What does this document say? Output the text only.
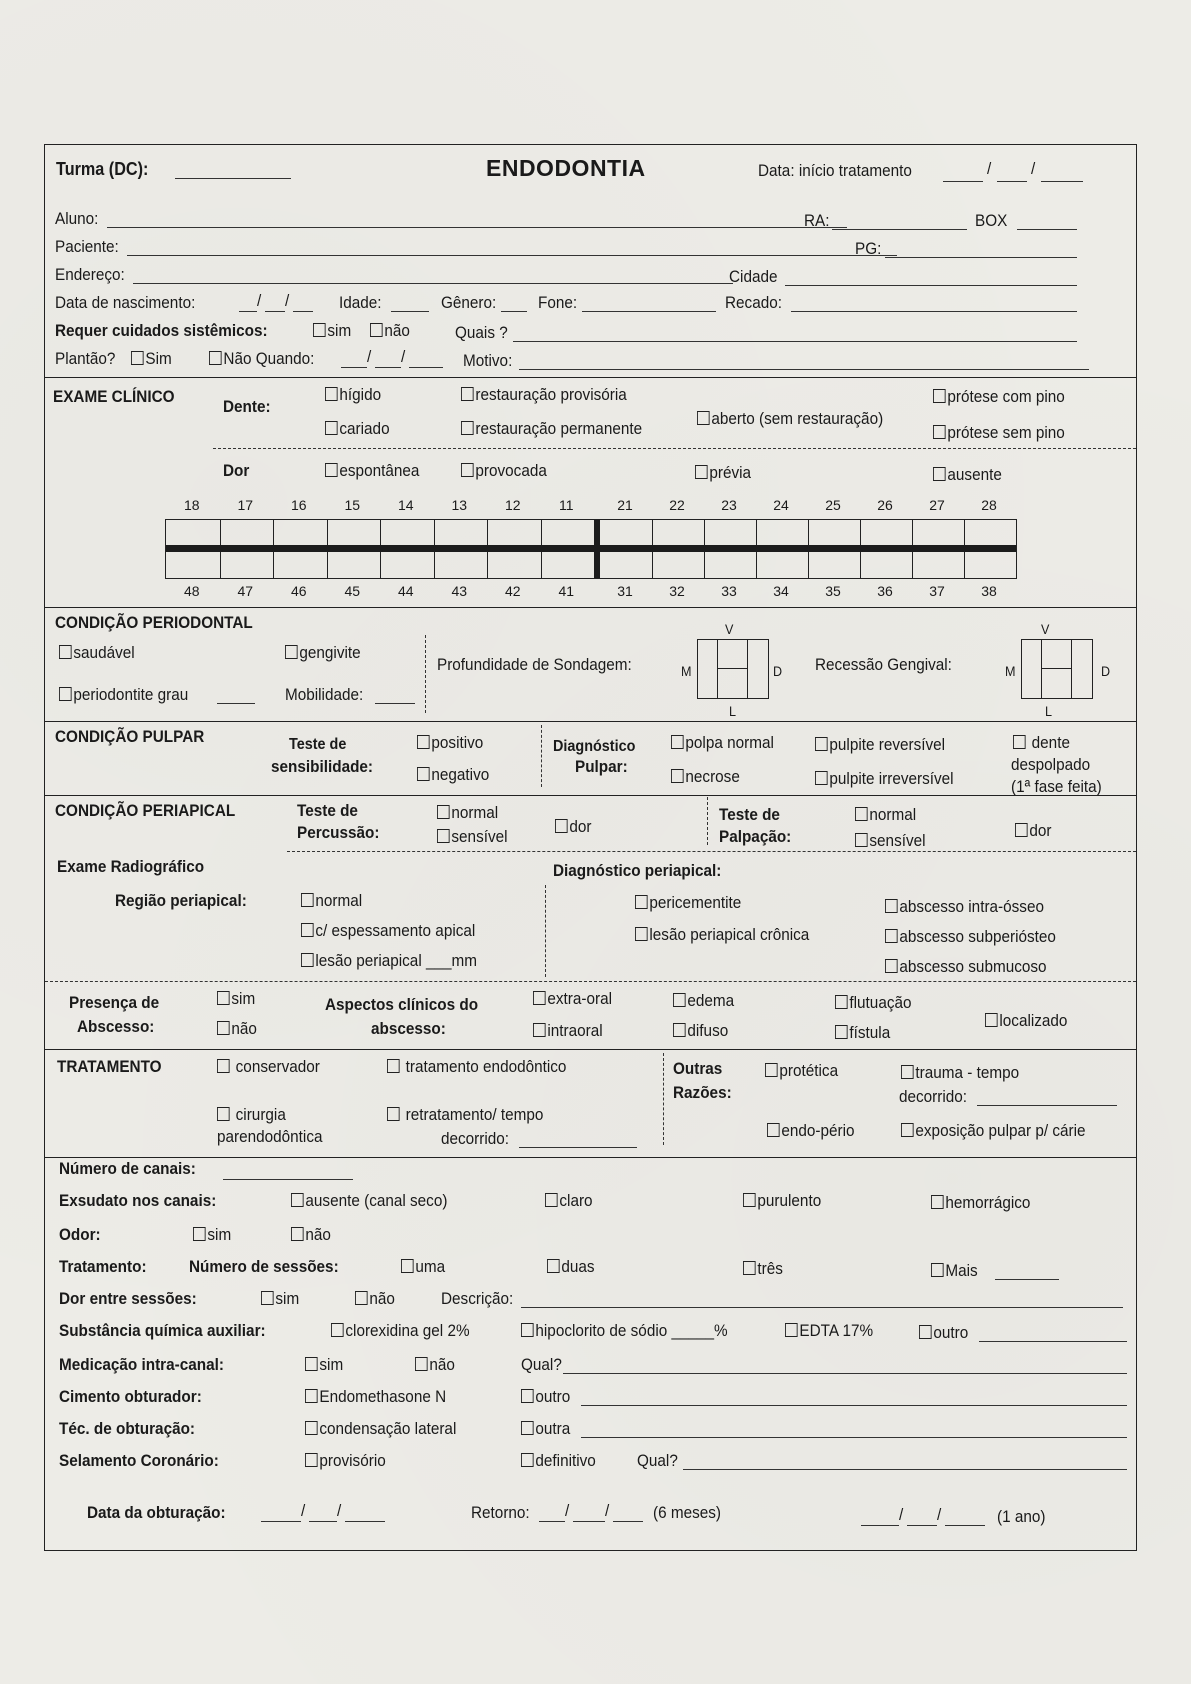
Turma (DC):	ENDODONTIA	Data: início tratamento	/ /
Aluno:	RA:	BOX
Paciente:	PG:
Endereço:	Cidade
Data de nascimento:	/ /	Idade:	Gênero: Fone:	Recado:
Requer cuidados sistêmicos:	sim	não	Quais ?
Plantão?	Sim	Não Quando:	/ /	Motivo:
EXAME CLÍNICO
Dente:
hígido
cariado
restauração provisória
restauração permanente
aberto (sem restauração)
prótese com pino
prótese sem pino
Dor	espontânea	provocada	prévia	ausente
18	17	16	15	14	13	12	11	21	22	23	24	25	26	27	28
48	47	46	45	44	43	42	41	31	32	33	34	35	36	37	38
CONDIÇÃO PERIODONTAL
saudável	gengivite
periodontite grau	Mobilidade:
Profundidade de Sondagem:
V
M	D
L
Recessão Gengival:
V
M	D
L
CONDIÇÃO PULPAR	Teste de
sensibilidade:
positivo
negativo
Diagnóstico
Pulpar:
polpa normal
necrose
pulpite reversível
pulpite irreversível
dente
despolpado
(1ª fase feita)
CONDIÇÃO PERIAPICAL	Teste de
Percussão:
normal
sensível
dor
Teste de
Palpação:
normal
sensível
dor
Exame Radiográfico
Região periapical:	normal
c/ espessamento apical
lesão periapical ___mm
Diagnóstico periapical:
pericementite
lesão periapical crônica
abscesso intra-ósseo
abscesso subperiósteo
abscesso submucoso
Presença de
Abscesso:
sim
não
Aspectos clínicos do
abscesso:
extra-oral
intraoral
edema
difuso
flutuação
fístula
localizado
TRATAMENTO	conservador	tratamento endodôntico
cirurgia
parendodôntica
retratamento/ tempo
decorrido:
Outras
Razões:
protética	trauma - tempo
decorrido:
endo-pério	exposição pulpar p/ cárie
Número de canais:
Exsudato nos canais:	ausente (canal seco)	claro	purulento	hemorrágico
Odor:	sim	não
Tratamento: Número de sessões:	uma	duas	três	Mais
Dor entre sessões:	sim	não	Descrição:
Substância química auxiliar:	clorexidina gel 2%	hipoclorito de sódio _____%	EDTA 17%	outro
Medicação intra-canal:	sim	não	Qual?
Cimento obturador:	Endomethasone N	outro
Téc. de obturação:	condensação lateral	outra
Selamento Coronário:	provisório	definitivo Qual?
Data da obturação:	/ /	Retorno: / /	(6 meses)	/ /	(1 ano)
